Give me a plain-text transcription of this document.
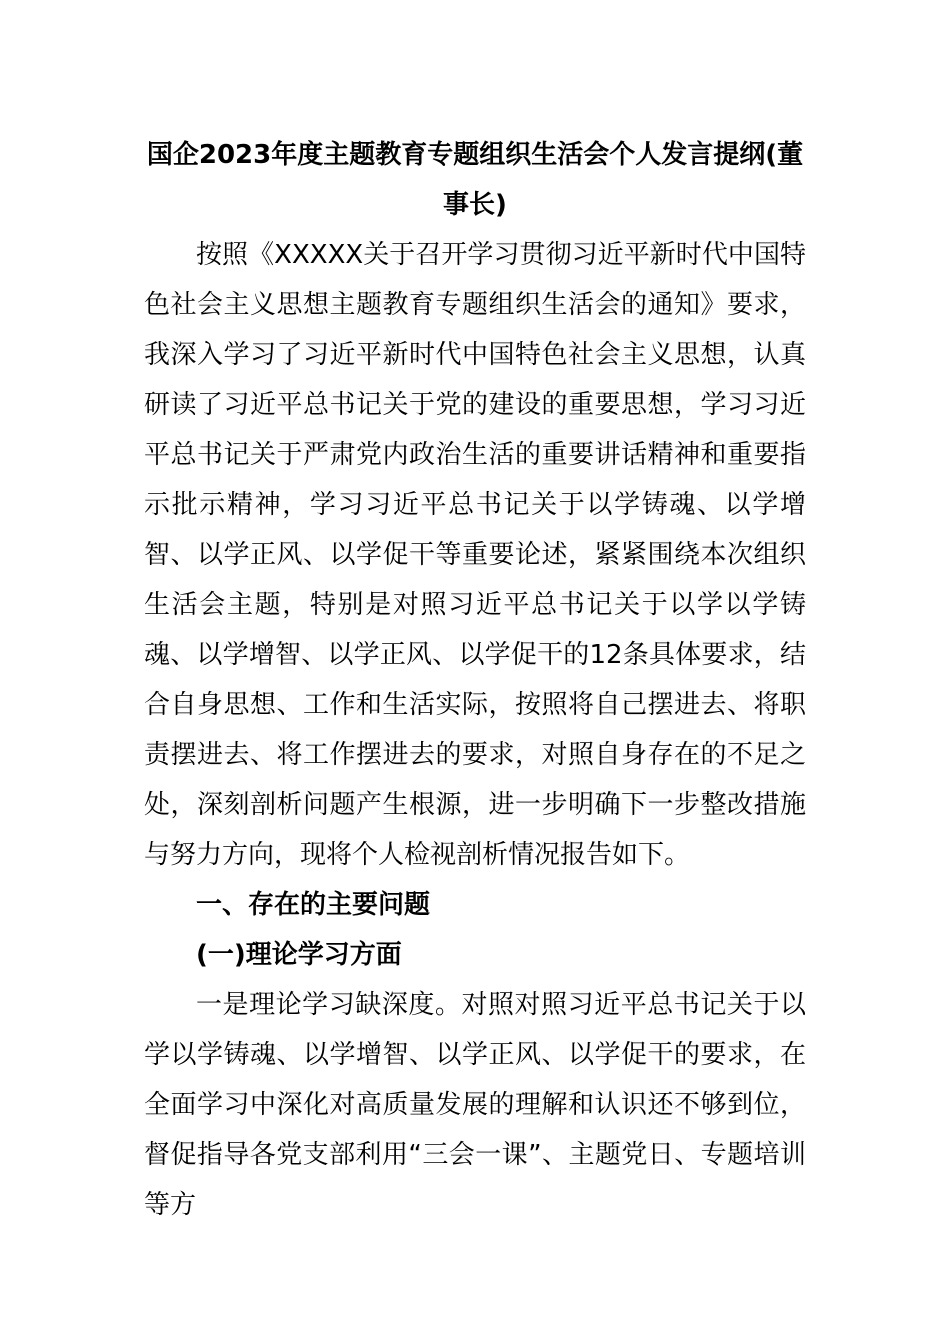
国企2023年度主题教育专题组织生活会个人发言提纲(董事长)

按照《XXXXX关于召开学习贯彻习近平新时代中国特色社会主义思想主题教育专题组织生活会的通知》要求，我深入学习了习近平新时代中国特色社会主义思想，认真研读了习近平总书记关于党的建设的重要思想，学习习近平总书记关于严肃党内政治生活的重要讲话精神和重要指示批示精神，学习习近平总书记关于以学铸魂、以学增智、以学正风、以学促干等重要论述，紧紧围绕本次组织生活会主题，特别是对照习近平总书记关于以学以学铸魂、以学增智、以学正风、以学促干的12条具体要求，结合自身思想、工作和生活实际，按照将自己摆进去、将职责摆进去、将工作摆进去的要求，对照自身存在的不足之处，深刻剖析问题产生根源，进一步明确下一步整改措施与努力方向，现将个人检视剖析情况报告如下。

一、存在的主要问题

(一)理论学习方面

一是理论学习缺深度。对照对照习近平总书记关于以学以学铸魂、以学增智、以学正风、以学促干的要求，在全面学习中深化对高质量发展的理解和认识还不够到位，督促指导各党支部利用“三会一课”、主题党日、专题培训等方
